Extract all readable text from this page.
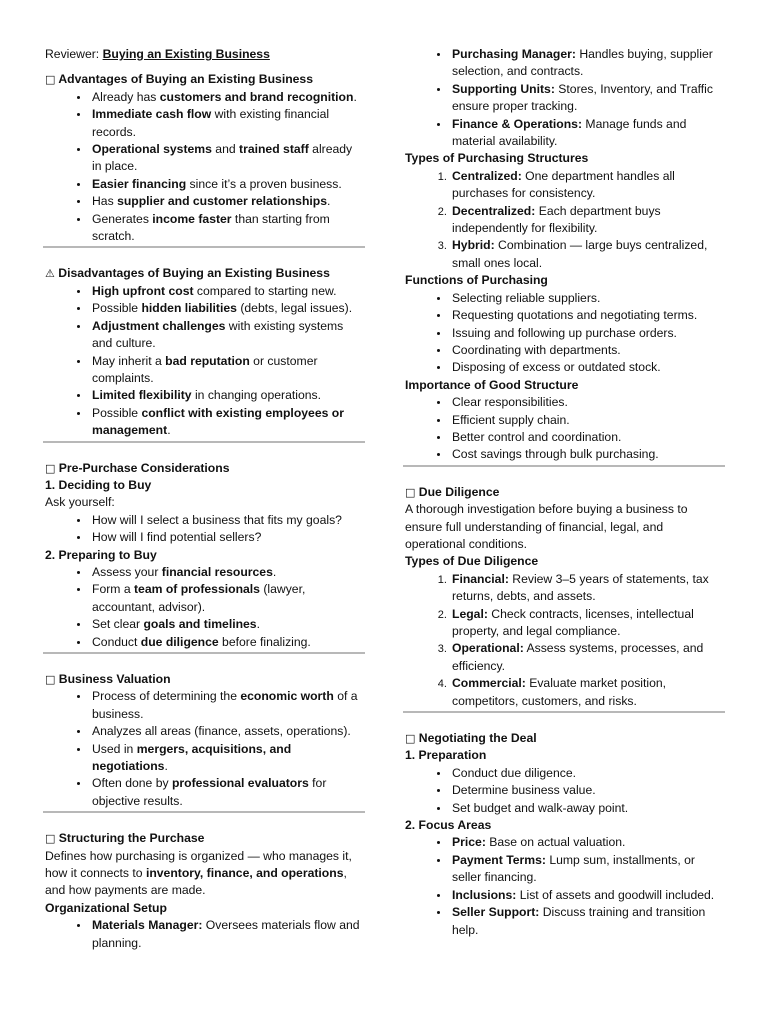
Reviewer: Buying an Existing Business
□ Advantages of Buying an Existing Business
• Already has customers and brand recognition.
• Immediate cash flow with existing financial records.
• Operational systems and trained staff already in place.
• Easier financing since it’s a proven business.
• Has supplier and customer relationships.
• Generates income faster than starting from scratch.
⚠ Disadvantages of Buying an Existing Business
• High upfront cost compared to starting new.
• Possible hidden liabilities (debts, legal issues).
• Adjustment challenges with existing systems and culture.
• May inherit a bad reputation or customer complaints.
• Limited flexibility in changing operations.
• Possible conflict with existing employees or management.
□ Pre-Purchase Considerations
1. Deciding to Buy
Ask yourself:
• How will I select a business that fits my goals?
• How will I find potential sellers?
2. Preparing to Buy
• Assess your financial resources.
• Form a team of professionals (lawyer, accountant, advisor).
• Set clear goals and timelines.
• Conduct due diligence before finalizing.
□ Business Valuation
• Process of determining the economic worth of a business.
• Analyzes all areas (finance, assets, operations).
• Used in mergers, acquisitions, and negotiations.
• Often done by professional evaluators for objective results.
□ Structuring the Purchase
Defines how purchasing is organized — who manages it, how it connects to inventory, finance, and operations, and how payments are made.
Organizational Setup
• Materials Manager: Oversees materials flow and planning.
• Purchasing Manager: Handles buying, supplier selection, and contracts.
• Supporting Units: Stores, Inventory, and Traffic ensure proper tracking.
• Finance & Operations: Manage funds and material availability.
Types of Purchasing Structures
1. Centralized: One department handles all purchases for consistency.
2. Decentralized: Each department buys independently for flexibility.
3. Hybrid: Combination — large buys centralized, small ones local.
Functions of Purchasing
• Selecting reliable suppliers.
• Requesting quotations and negotiating terms.
• Issuing and following up purchase orders.
• Coordinating with departments.
• Disposing of excess or outdated stock.
Importance of Good Structure
• Clear responsibilities.
• Efficient supply chain.
• Better control and coordination.
• Cost savings through bulk purchasing.
□ Due Diligence
A thorough investigation before buying a business to ensure full understanding of financial, legal, and operational conditions.
Types of Due Diligence
1. Financial: Review 3–5 years of statements, tax returns, debts, and assets.
2. Legal: Check contracts, licenses, intellectual property, and legal compliance.
3. Operational: Assess systems, processes, and efficiency.
4. Commercial: Evaluate market position, competitors, customers, and risks.
□ Negotiating the Deal
1. Preparation
• Conduct due diligence.
• Determine business value.
• Set budget and walk-away point.
2. Focus Areas
• Price: Base on actual valuation.
• Payment Terms: Lump sum, installments, or seller financing.
• Inclusions: List of assets and goodwill included.
• Seller Support: Discuss training and transition help.
